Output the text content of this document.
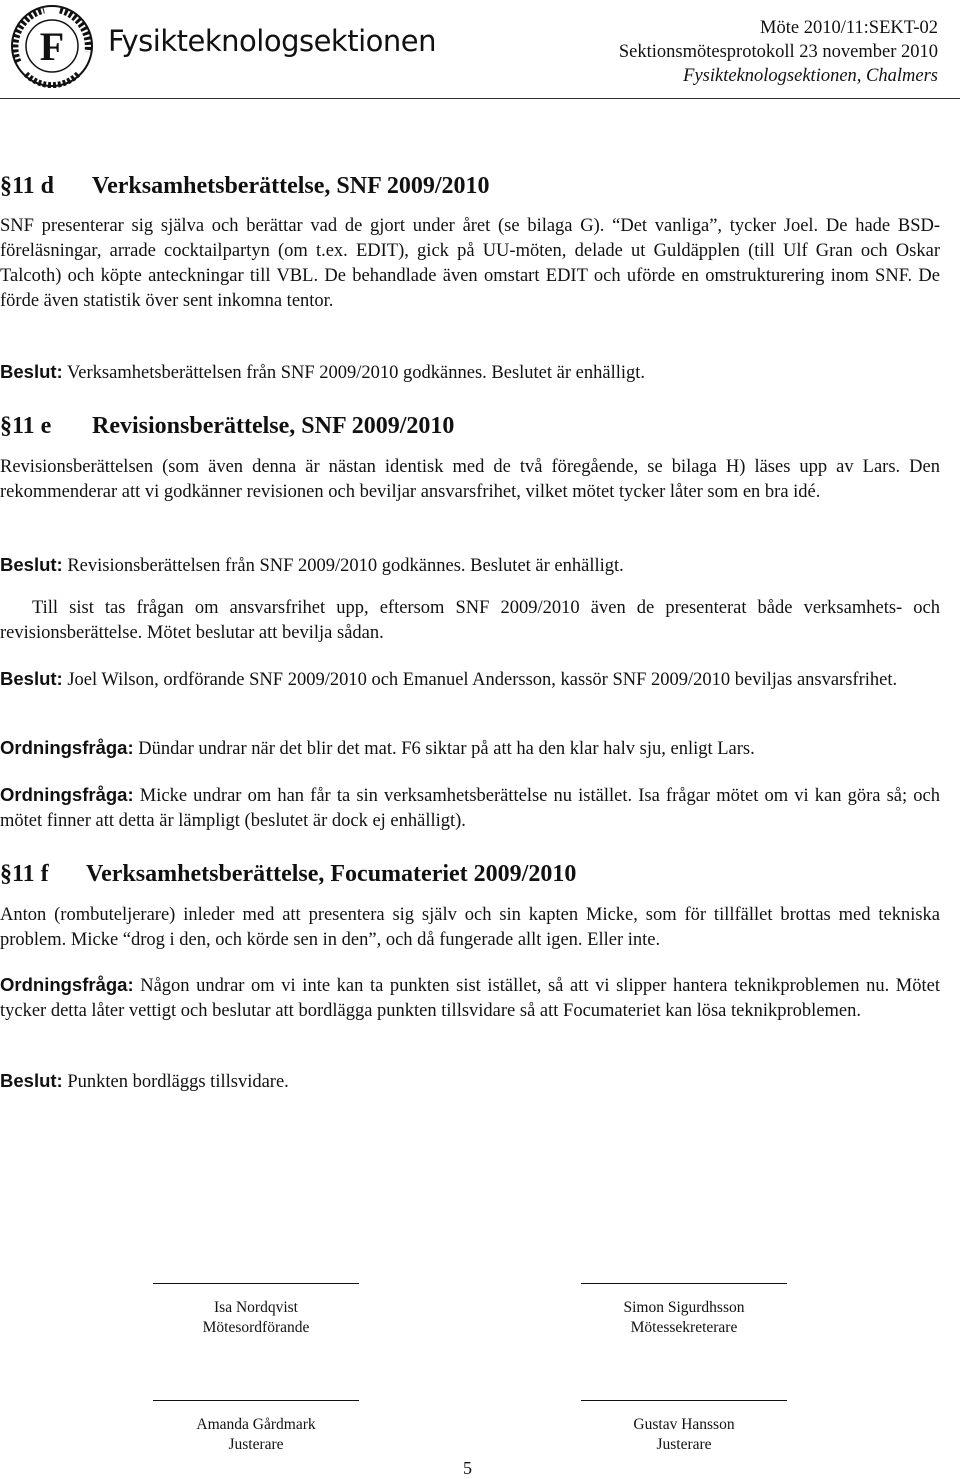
F Fysikteknologsektionen	Möte 2010/11:SEKT-02
Sektionsmötesprotokoll 23 november 2010
Fysikteknologsektionen, Chalmers
§11 d Verksamhetsberättelse, SNF 2009/2010
SNF presenterar sig själva och berättar vad de gjort under året (se bilaga G). “Det vanliga”, tycker Joel. De hade BSD-föreläsningar, arrade cocktailpartyn (om t.ex. EDIT), gick på UU-möten, delade ut Guldäpplen (till Ulf Gran och Oskar Talcoth) och köpte anteckningar till VBL. De behandlade även omstart EDIT och uförde en omstrukturering inom SNF. De förde även statistik över sent inkomna tentor.
Beslut: Verksamhetsberättelsen från SNF 2009/2010 godkännes. Beslutet är enhälligt.
§11 e Revisionsberättelse, SNF 2009/2010
Revisionsberättelsen (som även denna är nästan identisk med de två föregående, se bilaga H) läses upp av Lars. Den rekommenderar att vi godkänner revisionen och beviljar ansvarsfrihet, vilket mötet tycker låter som en bra idé.
Beslut: Revisionsberättelsen från SNF 2009/2010 godkännes. Beslutet är enhälligt.
Till sist tas frågan om ansvarsfrihet upp, eftersom SNF 2009/2010 även de presenterat både verksamhets- och revisionsberättelse. Mötet beslutar att bevilja sådan.
Beslut: Joel Wilson, ordförande SNF 2009/2010 och Emanuel Andersson, kassör SNF 2009/2010 beviljas ansvarsfrihet.
Ordningsfråga: Dündar undrar när det blir det mat. F6 siktar på att ha den klar halv sju, enligt Lars.
Ordningsfråga: Micke undrar om han får ta sin verksamhetsberättelse nu istället. Isa frågar mötet om vi kan göra så; och mötet finner att detta är lämpligt (beslutet är dock ej enhälligt).
§11 f Verksamhetsberättelse, Focumateriet 2009/2010
Anton (rombuteljerare) inleder med att presentera sig själv och sin kapten Micke, som för tillfället brottas med tekniska problem. Micke “drog i den, och körde sen in den”, och då fungerade allt igen. Eller inte.
Ordningsfråga: Någon undrar om vi inte kan ta punkten sist istället, så att vi slipper hantera teknikproblemen nu. Mötet tycker detta låter vettigt och beslutar att bordlägga punkten tillsvidare så att Focumateriet kan lösa teknikproblemen.
Beslut: Punkten bordläggs tillsvidare.
Isa Nordqvist
Mötesordförande
Simon Sigurdhsson
Mötessekreterare
Amanda Gårdmark
Justerare
Gustav Hansson
Justerare
5
